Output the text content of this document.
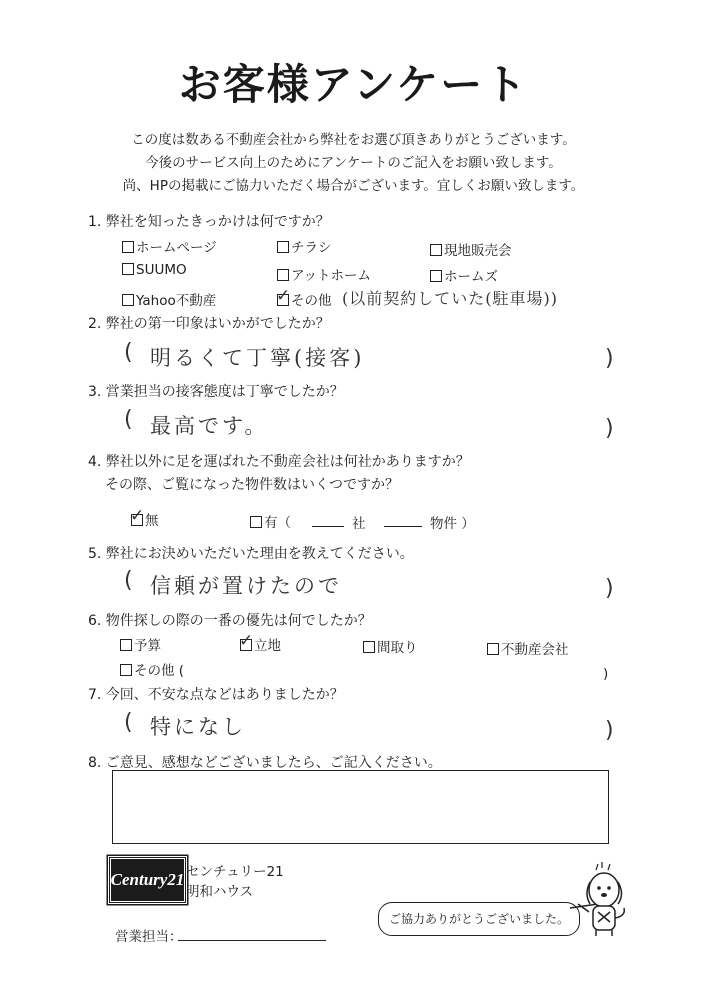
お客様アンケート
この度は数ある不動産会社から弊社をお選び頂きありがとうございます。
今後のサービス向上のためにアンケートのご記入をお願い致します。
尚、HPの掲載にご協力いただく場合がございます。宜しくお願い致します。
1. 弊社を知ったきっかけは何ですか？
ホームページ	チラシ	現地販売会
SUUMO	アットホーム	ホームズ
Yahoo不動産 ✓	その他 (以前契約していた(駐車場))
2. 弊社の第一印象はいかがでしたか？
( 明るくて丁寧(接客)	)
3. 営業担当の接客態度は丁寧でしたか？
( 最高です。	)
4. 弊社以外に足を運ばれた不動産会社は何社かありますか？
その際、ご覧になった物件数はいくつですか？
✓無	有（	社	物件 ）
5. 弊社にお決めいただいた理由を教えてください。
( 信頼が置けたので	)
6. 物件探しの際の一番の優先は何でしたか？
予算 ✓	立地	間取り	不動産会社
その他 (	)
7. 今回、不安な点などはありましたか？
( 特になし	)
8. ご意見、感想などございましたら、ご記入ください。
Century21 センチュリー21
明和ハウス
営業担当：
ご協力ありがとうございました。
